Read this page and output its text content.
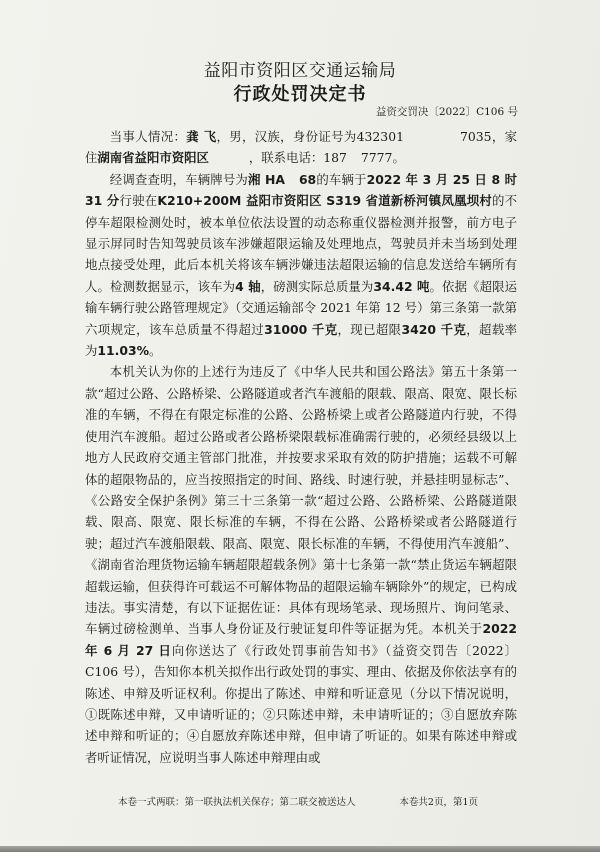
益阳市资阳区交通运输局
行政处罚决定书
益资交罚决〔2022〕C106 号

当事人情况：龚 飞，男，汉族，身份证号为432301	7035，家住湖南省益阳市资阳区	，联系电话：187 7777。

经调查查明，车辆牌号为湘 HA 68的车辆于2022 年 3 月 25 日 8 时 31 分行驶在K210+200M 益阳市资阳区 S319 省道新桥河镇凤凰坝村的不停车超限检测处时，被本单位依法设置的动态称重仪器检测并报警，前方电子显示屏同时告知驾驶员该车涉嫌超限运输及处理地点，驾驶员并未当场到处理地点接受处理，此后本机关将该车辆涉嫌违法超限运输的信息发送给车辆所有人。检测数据显示，该车为4 轴，磅测实际总质量为34.42 吨。依据《超限运输车辆行驶公路管理规定》（交通运输部令 2021 年第 12 号）第三条第一款第六项规定，该车总质量不得超过31000 千克，现已超限3420 千克，超载率为11.03%。

本机关认为你的上述行为违反了《中华人民共和国公路法》第五十条第一款“超过公路、公路桥梁、公路隧道或者汽车渡船的限载、限高、限宽、限长标准的车辆，不得在有限定标准的公路、公路桥梁上或者公路隧道内行驶，不得使用汽车渡船。超过公路或者公路桥梁限载标准确需行驶的，必须经县级以上地方人民政府交通主管部门批准，并按要求采取有效的防护措施；运载不可解体的超限物品的，应当按照指定的时间、路线、时速行驶，并悬挂明显标志”、《公路安全保护条例》第三十三条第一款“超过公路、公路桥梁、公路隧道限载、限高、限宽、限长标准的车辆，不得在公路、公路桥梁或者公路隧道行驶；超过汽车渡船限载、限高、限宽、限长标准的车辆，不得使用汽车渡船”、《湖南省治理货物运输车辆超限超载条例》第十七条第一款“禁止货运车辆超限超载运输，但获得许可载运不可解体物品的超限运输车辆除外”的规定，已构成违法。事实清楚，有以下证据佐证：具体有现场笔录、现场照片、询问笔录、车辆过磅检测单、当事人身份证及行驶证复印件等证据为凭。本机关于2022 年 6 月 27 日向你送达了《行政处罚事前告知书》（益资交罚告〔2022〕C106 号），告知你本机关拟作出行政处罚的事实、理由、依据及你依法享有的陈述、申辩及听证权利。你提出了陈述、申辩和听证意见（分以下情况说明，①既陈述申辩，又申请听证的；②只陈述申辩，未申请听证的；③自愿放弃陈述申辩和听证的；④自愿放弃陈述申辩，但申请了听证的。如果有陈述申辩或者听证情况，应说明当事人陈述申辩理由或

本卷一式两联：第一联执法机关保存；第二联交被送达人	本卷共2页，第1页
